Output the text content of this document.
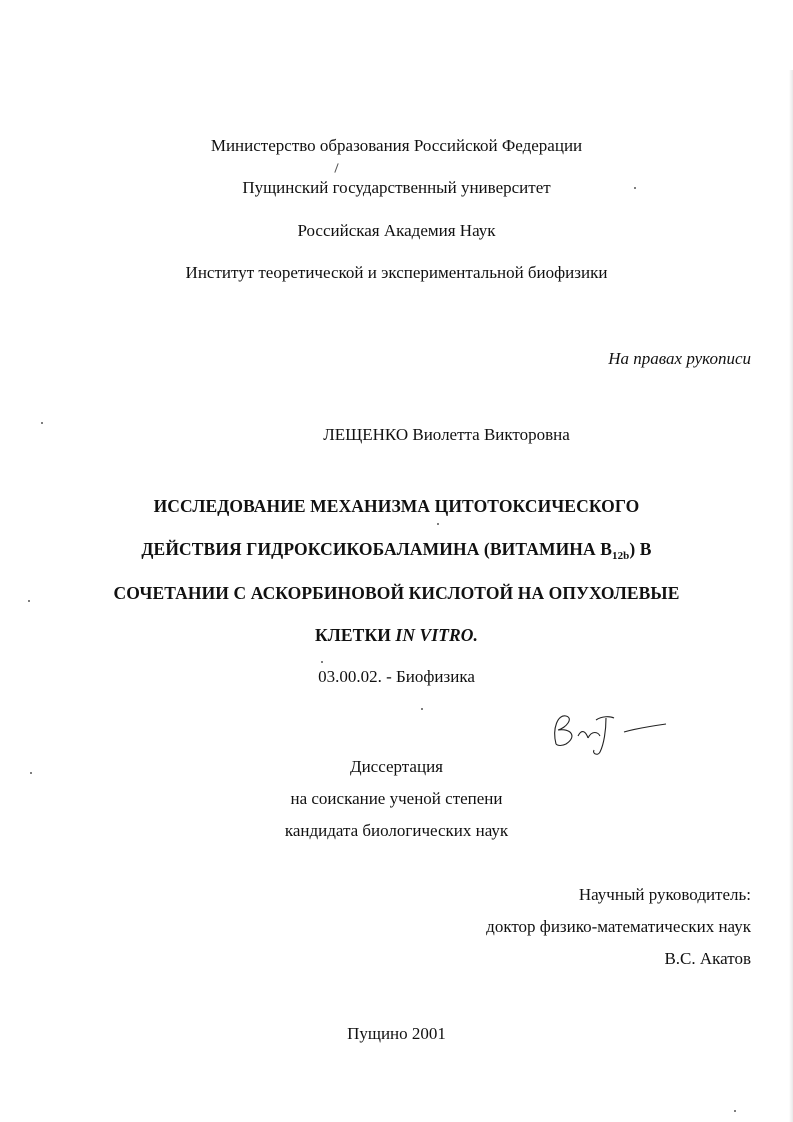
Министерство образования Российской Федерации
Пущинский государственный университет
Российская Академия Наук
Институт теоретической и экспериментальной биофизики
На правах рукописи
ЛЕЩЕНКО Виолетта Викторовна
ИССЛЕДОВАНИЕ МЕХАНИЗМА ЦИТОТОКСИЧЕСКОГО
ДЕЙСТВИЯ ГИДРОКСИКОБАЛАМИНА (ВИТАМИНА $B_{12b}$) В
СОЧЕТАНИИ С АСКОРБИНОВОЙ КИСЛОТОЙ НА ОПУХОЛЕВЫЕ
КЛЕТКИ IN VITRO.
03.00.02. - Биофизика
Диссертация
на соискание ученой степени
кандидата биологических наук
Научный руководитель:
доктор физико-математических наук
В.С. Акатов
Пущино 2001
